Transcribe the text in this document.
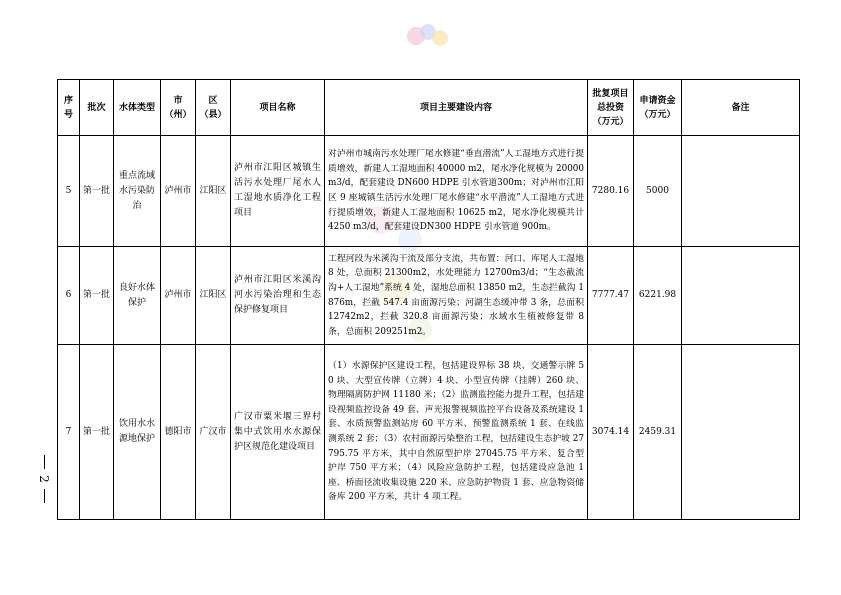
2
序号	批次	水体类型	市（州）	区（县）	项目名称	项目主要建设内容	批复项目总投资（万元）	申请资金（万元）	备注
5	第一批	重点流域水污染防治	泸州市	江阳区	泸州市江阳区城镇生活污水处理厂尾水人工湿地水质净化工程项目	对泸州市城南污水处理厂尾水修建“垂直潜流”人工湿地方式进行提质增效，新建人工湿地面积 40000 m2，尾水净化规模为 20000 m3/d，配套建设 DN600 HDPE 引水管道300m；对泸州市江阳区 9 座城镇生活污水处理厂尾水修建“水平潜流”人工湿地方式进行提质增效，新建人工湿地面积 10625 m2，尾水净化规模共计 4250 m3/d，配套建设DN300 HDPE 引水管道 900m。	7280.16	5000	
6	第一批	良好水体保护	泸州市	江阳区	泸州市江阳区米溪沟河水污染治理和生态保护修复项目	工程河段为米溪沟干流及部分支流，共布置：河口、库尾人工湿地 8 处，总面积 21300m2，水处理能力 12700m3/d；“生态截流沟+人工湿地”系统 4 处，湿地总面积 13850 m2，生态拦截沟 1876m，拦截 547.4 亩面源污染；河湖生态缓冲带 3 条，总面积 12742m2，拦截 320.8 亩面源污染；水域水生植被修复带 8 条，总面积 209251m2。	7777.47	6221.98	
7	第一批	饮用水水源地保护	德阳市	广汉市	广汉市粟米堰三界村集中式饮用水水源保护区规范化建设项目	（1）水源保护区建设工程，包括建设界标 38 块、交通警示牌 50 块、大型宣传牌（立牌）4 块、小型宣传牌（挂牌）260 块、物理隔离防护网 11180 米；（2）监测监控能力提升工程，包括建设视频监控设备 49 套、声光报警视频监控平台设备及系统建设 1 套、水质预警监测站房 60 平方米、预警监测系统 1 套、在线监测系统 2 套；（3）农村面源污染整治工程，包括建设生态护坡 27795.75 平方米，其中自然原型护岸 27045.75 平方米、复合型护岸 750 平方米；（4）风险应急防护工程，包括建设应急池 1 座、桥面径流收集设施 220 米、应急防护物资 1 套、应急物资储备库 200 平方米，共计 4 项工程。	3074.14	2459.31	
